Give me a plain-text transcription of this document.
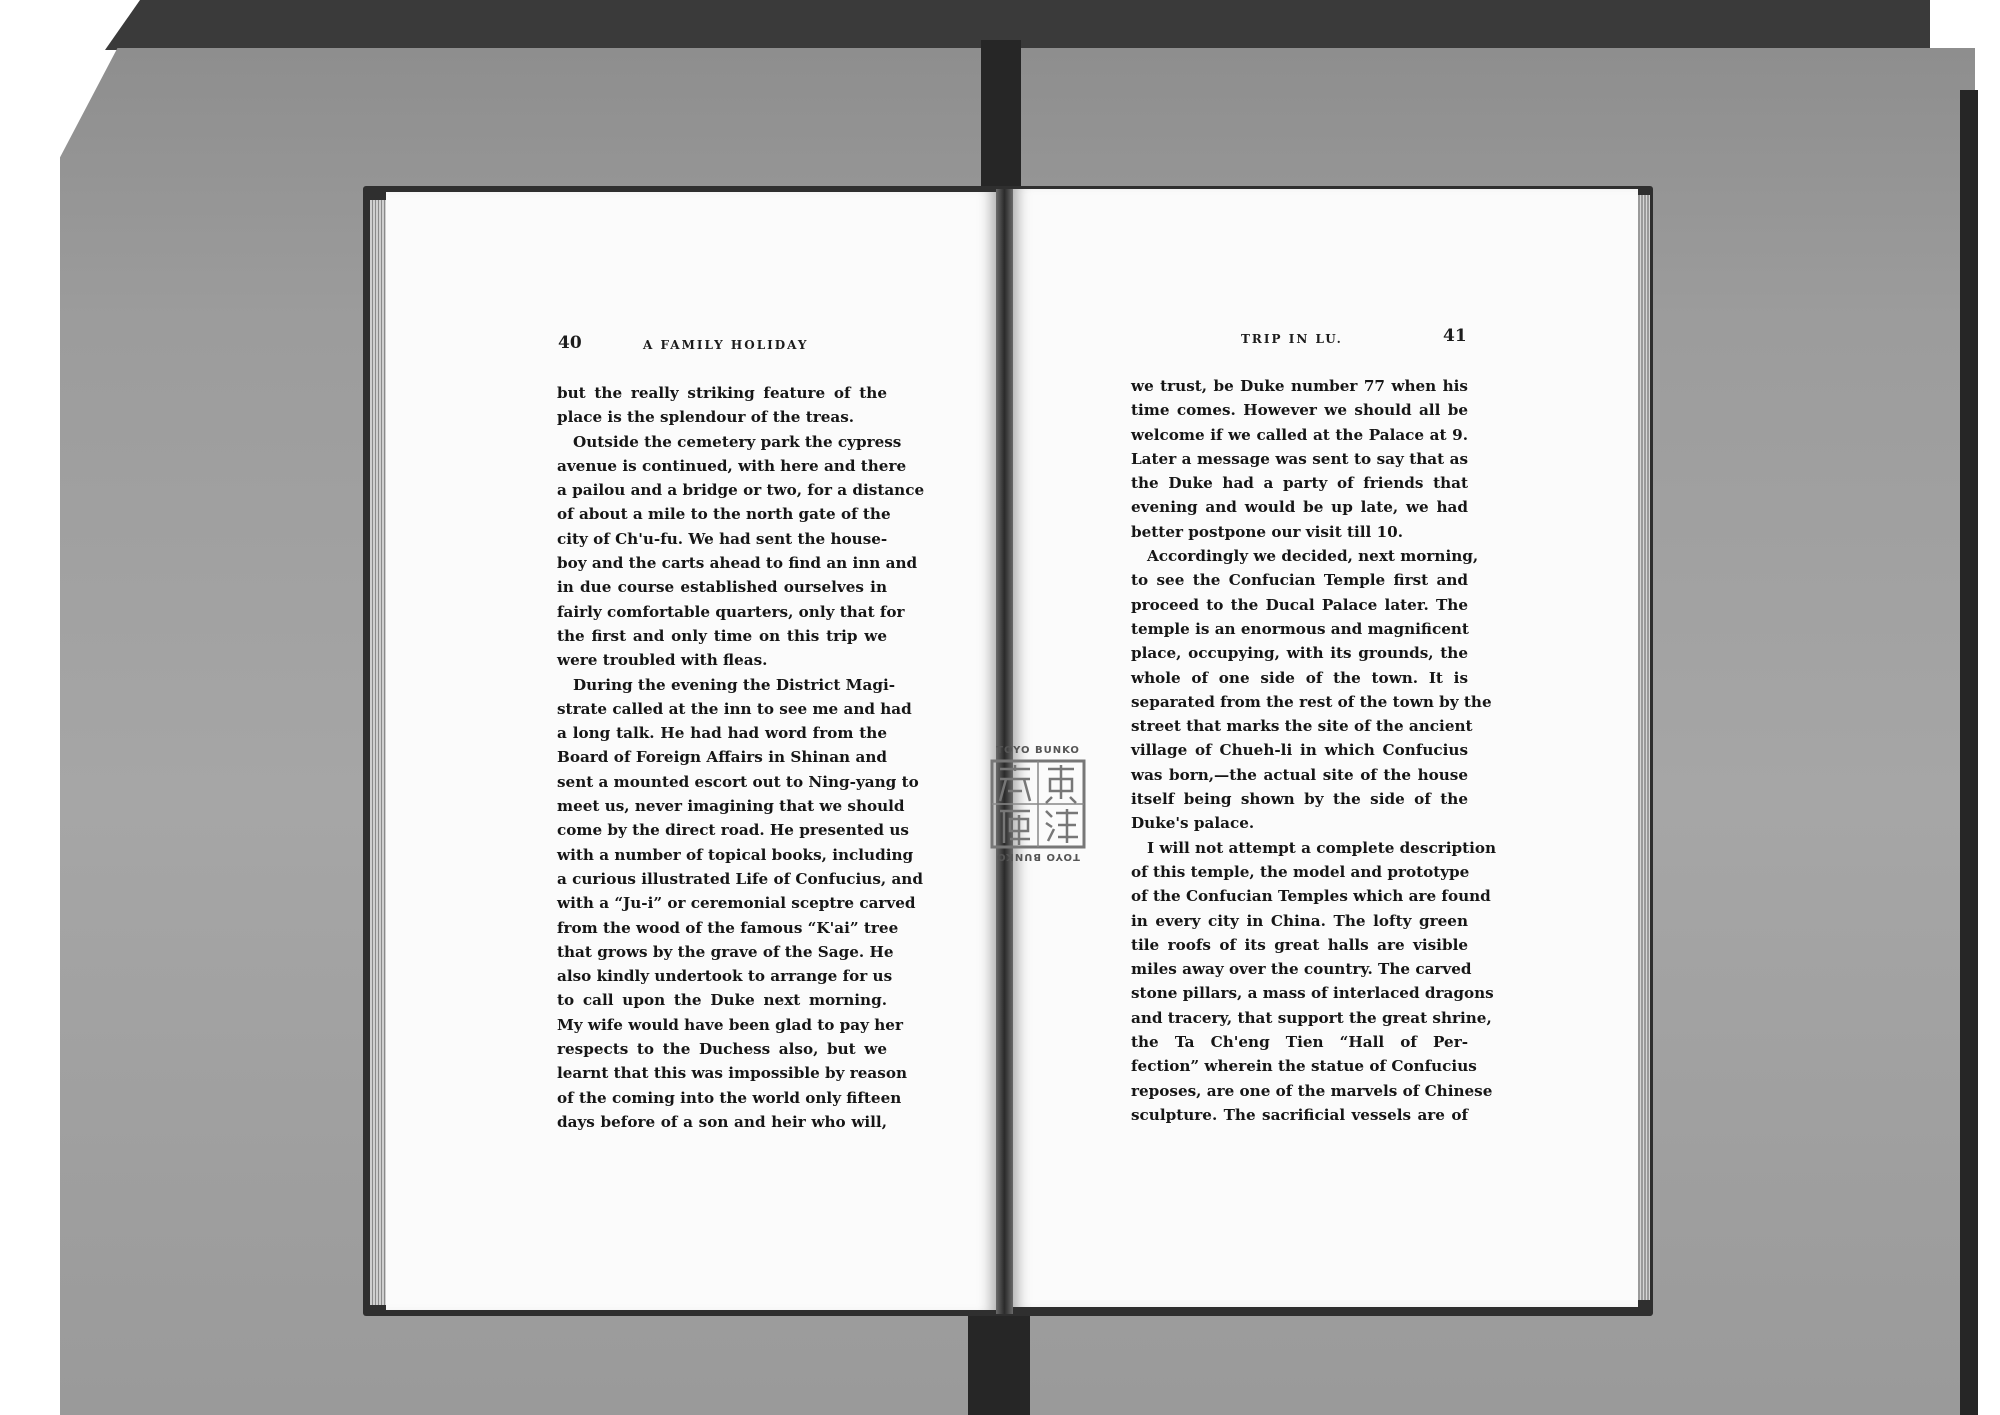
40	A FAMILY HOLIDAY	TRIP IN LU.	41
but the really striking feature of the
place is the splendour of the treas.
Outside the cemetery park the cypress
avenue is continued, with here and there
a pailou and a bridge or two, for a distance
of about a mile to the north gate of the
city of Ch'u-fu. We had sent the house-
boy and the carts ahead to find an inn and
in due course established ourselves in
fairly comfortable quarters, only that for
the first and only time on this trip we
were troubled with fleas.
During the evening the District Magi-
strate called at the inn to see me and had
a long talk. He had had word from the
Board of Foreign Affairs in Shinan and
sent a mounted escort out to Ning-yang to
meet us, never imagining that we should
come by the direct road. He presented us
with a number of topical books, including
a curious illustrated Life of Confucius, and
with a “Ju-i” or ceremonial sceptre carved
from the wood of the famous “K'ai” tree
that grows by the grave of the Sage. He
also kindly undertook to arrange for us
to call upon the Duke next morning.
My wife would have been glad to pay her
respects to the Duchess also, but we
learnt that this was impossible by reason
of the coming into the world only fifteen
days before of a son and heir who will,
we trust, be Duke number 77 when his
time comes. However we should all be
welcome if we called at the Palace at 9.
Later a message was sent to say that as
the Duke had a party of friends that
evening and would be up late, we had
better postpone our visit till 10.
Accordingly we decided, next morning,
to see the Confucian Temple first and
proceed to the Ducal Palace later. The
temple is an enormous and magnificent
place, occupying, with its grounds, the
whole of one side of the town. It is
separated from the rest of the town by the
street that marks the site of the ancient
village of Chueh-li in which Confucius
was born,—the actual site of the house
itself being shown by the side of the
Duke's palace.
I will not attempt a complete description
of this temple, the model and prototype
of the Confucian Temples which are found
in every city in China. The lofty green
tile roofs of its great halls are visible
miles away over the country. The carved
stone pillars, a mass of interlaced dragons
and tracery, that support the great shrine,
the Ta Ch'eng Tien “Hall of Per-
fection” wherein the statue of Confucius
reposes, are one of the marvels of Chinese
sculpture. The sacrificial vessels are of
TOYO BUNKO
TOYO BUNKO
